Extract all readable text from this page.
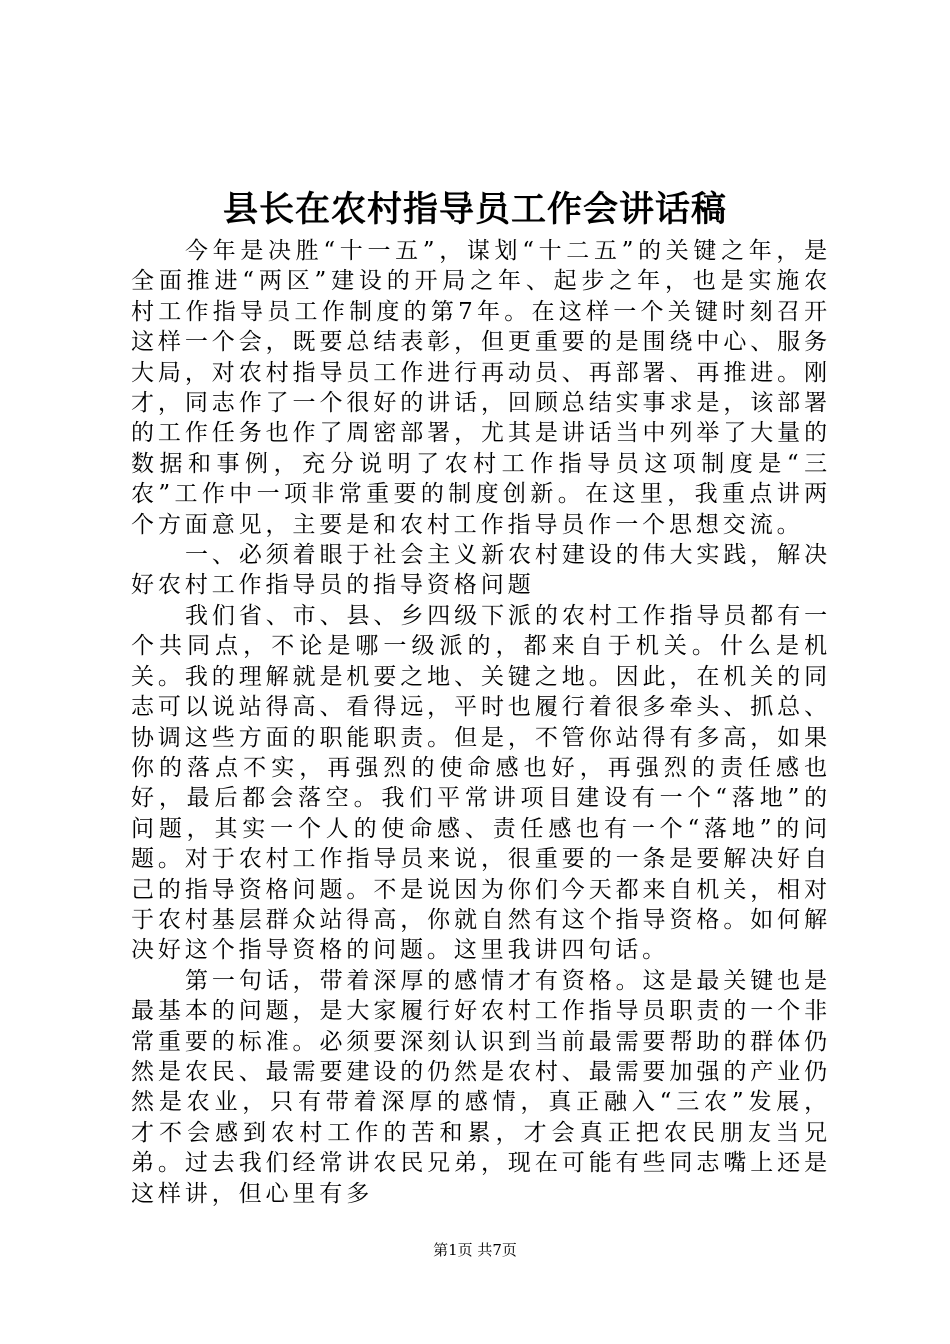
县长在农村指导员工作会讲话稿

今年是决胜“十一五”，谋划“十二五”的关键之年，是全面推进“两区”建设的开局之年、起步之年，也是实施农村工作指导员工作制度的第7年。在这样一个关键时刻召开这样一个会，既要总结表彰，但更重要的是围绕中心、服务大局，对农村指导员工作进行再动员、再部署、再推进。刚才，同志作了一个很好的讲话，回顾总结实事求是，该部署的工作任务也作了周密部署，尤其是讲话当中列举了大量的数据和事例，充分说明了农村工作指导员这项制度是“三农”工作中一项非常重要的制度创新。在这里，我重点讲两个方面意见，主要是和农村工作指导员作一个思想交流。

一、必须着眼于社会主义新农村建设的伟大实践，解决好农村工作指导员的指导资格问题

我们省、市、县、乡四级下派的农村工作指导员都有一个共同点，不论是哪一级派的，都来自于机关。什么是机关。我的理解就是机要之地、关键之地。因此，在机关的同志可以说站得高、看得远，平时也履行着很多牵头、抓总、协调这些方面的职能职责。但是，不管你站得有多高，如果你的落点不实，再强烈的使命感也好，再强烈的责任感也好，最后都会落空。我们平常讲项目建设有一个“落地”的问题，其实一个人的使命感、责任感也有一个“落地”的问题。对于农村工作指导员来说，很重要的一条是要解决好自己的指导资格问题。不是说因为你们今天都来自机关，相对于农村基层群众站得高，你就自然有这个指导资格。如何解决好这个指导资格的问题。这里我讲四句话。

第一句话，带着深厚的感情才有资格。这是最关键也是最基本的问题，是大家履行好农村工作指导员职责的一个非常重要的标准。必须要深刻认识到当前最需要帮助的群体仍然是农民、最需要建设的仍然是农村、最需要加强的产业仍然是农业，只有带着深厚的感情，真正融入“三农”发展，才不会感到农村工作的苦和累，才会真正把农民朋友当兄弟。过去我们经常讲农民兄弟，现在可能有些同志嘴上还是这样讲，但心里有多

第1页 共7页
